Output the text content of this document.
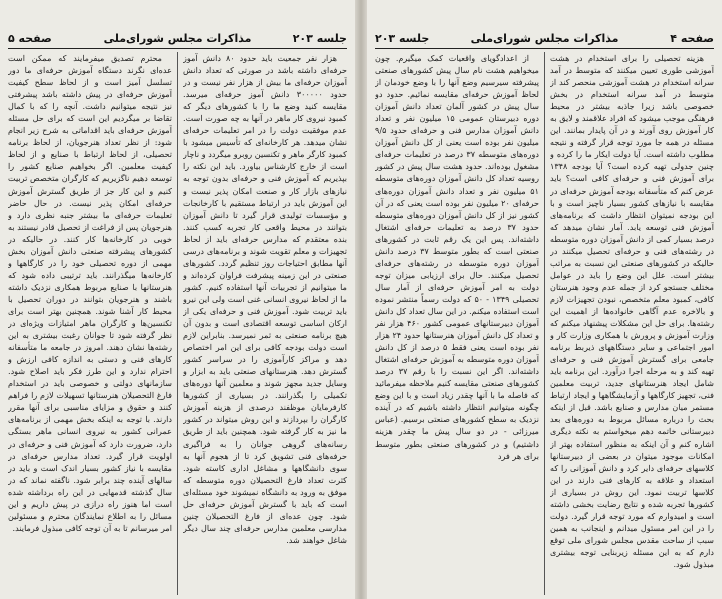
جلسه ۲۰۳
مذاکرات مجلس شورای‌ملی
صفحه ۵

هزار نفر جمعیت باید حدود ۸۰ دانش آموز حرفه‌ای داشته باشد در صورتی که تعداد دانش آموزان حرفه‌ای ما بیش از هزار نفر نیست و در حدود ۳۰۰۰۰۰ دانش آموز حرفه‌ای میرسد. مقایسه کنید وضع ما را با کشورهای دیگر که کمبود نیروی کار ماهر در آنها به چه صورت است. عدم موفقیت دولت را در امر تعلیمات حرفه‌ای نشان میدهد. هر کارخانه‌ای که تأسیس میشود با کمبود کارگر ماهر و تکنسین روبرو میگردد و ناچار است از خارج کارشناس بیاورد. باید این نکته را بپذیریم که آموزش فنی و حرفه‌ای بدون توجه به نیازهای بازار کار و صنعت امکان پذیر نیست و این آموزش باید در ارتباط مستقیم با کارخانجات و مؤسسات تولیدی قرار گیرد تا دانش آموزان بتوانند در محیط واقعی کار تجربه کسب کنند. بنده معتقدم که مدارس حرفه‌ای باید از لحاظ تجهیزات و معلم تقویت شوند و برنامه‌های درسی آنها مطابق احتیاجات روز تنظیم گردد. کشورهای صنعتی در این زمینه پیشرفت فراوان کرده‌اند و ما میتوانیم از تجربیات آنها استفاده کنیم. کشور ما از لحاظ نیروی انسانی غنی است ولی این نیرو باید تربیت شود. آموزش فنی و حرفه‌ای یکی از ارکان اساسی توسعه اقتصادی است و بدون آن هیچ برنامه صنعتی به ثمر نمیرسد. بنابراین لازم است دولت بودجه کافی برای این امر اختصاص دهد و مراکز کارآموزی را در سراسر کشور گسترش دهد. هنرستانهای صنعتی باید به ابزار و وسایل جدید مجهز شوند و معلمین آنها دوره‌های تکمیلی را بگذرانند. در بسیاری از کشورها کارفرمایان موظفند درصدی از هزینه آموزش کارگران را بپردازند و این روش میتواند در کشور ما نیز به کار گرفته شود. همچنین باید از طریق رسانه‌های گروهی جوانان را به فراگیری حرفه‌های فنی تشویق کرد تا از هجوم آنها به سوی دانشگاهها و مشاغل اداری کاسته شود. کثرت تعداد فارغ التحصیلان دوره متوسطه که موفق به ورود به دانشگاه نمیشوند خود مسئله‌ای است که باید با گسترش آموزش حرفه‌ای حل شود. چون عده‌ای از فارغ التحصیلان چنین مدارسی معلمین مدارس حرفه‌ای چند سال دیگر شاغل خواهند شد.

محترم تصدیق میفرمایند که ممکن است عده‌ای نگرند دستگاه آموزش حرفه‌ای ما دور تسلسل آمیز است و از لحاظ سطح کیفیت آموزش حرفه‌ای در پیش داشته باشد پیشرفتی نیز نتیجه میتوانیم داشت. آنچه را که با کمال تقاضا بر میگردیم این است که برای حل مسئله آموزش حرفه‌ای باید اقداماتی به شرح زیر انجام شود: از نظر تعداد هنرجویان، از لحاظ برنامه تحصیلی، از لحاظ ارتباط با صنایع و از لحاظ کیفیت معلمین. اگر بخواهیم صنایع کشور را توسعه دهیم ناگزیریم که کارگران متخصص تربیت کنیم و این کار جز از طریق گسترش آموزش حرفه‌ای امکان پذیر نیست. در حال حاضر تعلیمات حرفه‌ای ما بیشتر جنبه نظری دارد و هنرجویان پس از فراغت از تحصیل قادر نیستند به خوبی در کارخانه‌ها کار کنند. در حالیکه در کشورهای پیشرفته صنعتی دانش آموزان بخش مهمی از دوره تحصیلی خود را در کارگاهها و کارخانه‌ها میگذرانند. باید ترتیبی داده شود که هنرستانها با صنایع مربوط همکاری نزدیک داشته باشند و هنرجویان بتوانند در دوران تحصیل با محیط کار آشنا شوند. همچنین بهتر است برای تکنسین‌ها و کارگران ماهر امتیازات ویژه‌ای در نظر گرفته شود تا جوانان رغبت بیشتری به این رشته‌ها نشان دهند. امروز در جامعه ما متأسفانه کارهای فنی و دستی به اندازه کافی ارزش و احترام ندارد و این طرز فکر باید اصلاح شود. سازمانهای دولتی و خصوصی باید در استخدام فارغ التحصیلان هنرستانها تسهیلات لازم را فراهم کنند و حقوق و مزایای مناسبی برای آنها مقرر دارند. با توجه به اینکه بخش مهمی از برنامه‌های عمرانی کشور به نیروی انسانی ماهر بستگی دارد، ضرورت دارد که آموزش فنی و حرفه‌ای در اولویت قرار گیرد. تعداد مدارس حرفه‌ای در مقایسه با نیاز کشور بسیار اندک است و باید در سالهای آینده چند برابر شود. ناگفته نماند که در سال گذشته قدمهایی در این راه برداشته شده است اما هنوز راه درازی در پیش داریم و این مسائل را به اطلاع نمایندگان محترم و مسئولین امر میرسانم تا به آن توجه کافی مبذول فرمایند.

صفحه ۴
مذاکرات مجلس شورای‌ملی
جلسه ۲۰۳

هزینه تحصیلی را برای استخدام در هشت آموزشی طوری تعیین میکنند که متوسط در آمد سرانه استخدام در هشت آموزشی منحصر کند از متوسط در آمد سرانه استخدام در بخش خصوصی باشد زیرا جاذبه بیشتر در محیط فرهنگی موجب میشود که افراد علاقمند و لایق به کار آموزش روی آورند و در آن پایدار بمانند. این مسئله در همه جا مورد توجه قرار گرفته و نتیجه مطلوب داشته است. آیا دولت ایکار ما را کرده و چنین جدولی تهیه کرده است؟ آیا بودجه ۱۳۴۸ برای آموزش فنی و حرفه‌ای کافی است؟ باید عرض کنم که متأسفانه بودجه آموزش حرفه‌ای در مقایسه با نیازهای کشور بسیار ناچیز است و با این بودجه نمیتوان انتظار داشت که برنامه‌های آموزش فنی توسعه یابد. آمار نشان میدهد که درصد بسیار کمی از دانش آموزان دوره متوسطه در رشته‌های فنی و حرفه‌ای تحصیل میکنند در حالیکه در کشورهای صنعتی این نسبت به مراتب بیشتر است. علل این وضع را باید در عوامل مختلف جستجو کرد از جمله عدم وجود هنرستان کافی، کمبود معلم متخصص، نبودن تجهیزات لازم و بالاخره عدم آگاهی خانواده‌ها از اهمیت این رشته‌ها. برای حل این مشکلات پیشنهاد میکنم که وزارت آموزش و پرورش با همکاری وزارت کار و امور اجتماعی و سایر دستگاههای ذیربط برنامه جامعی برای گسترش آموزش فنی و حرفه‌ای تهیه کند و به مرحله اجرا درآورد. این برنامه باید شامل ایجاد هنرستانهای جدید، تربیت معلمین فنی، تجهیز کارگاهها و آزمایشگاهها و ایجاد ارتباط مستمر میان مدارس و صنایع باشد. قبل از اینکه بحث را درباره مسائل مربوط به دوره‌های بعد دبیرستانی خاتمه دهم میخواستم به نکته دیگری اشاره کنم و آن اینکه به منظور استفاده بهتر از امکانات موجود میتوان در بعضی از دبیرستانها کلاسهای حرفه‌ای دایر کرد و دانش آموزانی را که استعداد و علاقه به کارهای فنی دارند در این کلاسها تربیت نمود. این روش در بسیاری از کشورها تجربه شده و نتایج رضایت بخشی داشته است و امیدوارم که مورد توجه قرار گیرد. دولت را در این امر مسئول میدانم و اینجانب به همین سبب از ساحت مقدس مجلس شورای ملی توقع دارم که به این مسئله زیربنایی توجه بیشتری مبذول شود.

از اعدادگویای واقعیات کمک میگیرم. چون میخواهیم هشت نام سال پیش کشورهای صنعتی پیشرفته سیرسیم وضع آنها را با وضع خودمان از لحاظ آموزش حرفه‌ای مقایسه نمائیم. حدود دو سال پیش در کشور آلمان تعداد دانش آموزان دوره دبیرستان عمومی ۱۵ میلیون نفر و تعداد دانش آموزان مدارس فنی و حرفه‌ای حدود ۹/۵ میلیون نفر بوده است یعنی از کل دانش آموزان دوره‌های متوسطه ۳۷ درصد در تعلیمات حرفه‌ای مشغول بوده‌اند. حدود هشت سال پیش در کشور روسیه تعداد کل دانش آموزان دوره‌های متوسطه ۵۱ میلیون نفر و تعداد دانش آموزان دوره‌های حرفه‌ای ۲۰ میلیون نفر بوده است یعنی که در آن کشور نیز از کل دانش آموزان دوره‌های متوسطه حدود ۳۷ درصد به تعلیمات حرفه‌ای اشتغال داشته‌اند. پس این یک رقم ثابت در کشورهای صنعتی است که بطور متوسط ۳۷ درصد دانش آموزان دوره متوسطه در رشته‌های حرفه‌ای تحصیل میکنند. حال برای ارزیابی میزان توجه دولت به امر آموزش حرفه‌ای از آمار سال تحصیلی ۱۳۴۹ - ۵۰ که دولت رسماً منتشر نموده است استفاده میکنم. در این سال تعداد کل دانش آموزان دبیرستانهای عمومی کشور ۴۶۰ هزار نفر و تعداد کل دانش آموزان هنرستانها حدود ۲۴ هزار نفر بوده است یعنی فقط ۵ درصد از کل دانش آموزان دوره متوسطه به آموزش حرفه‌ای اشتغال داشته‌اند. اگر این نسبت را با رقم ۳۷ درصد کشورهای صنعتی مقایسه کنیم ملاحظه میفرمائید که فاصله ما با آنها چقدر زیاد است و با این وضع چگونه میتوانیم انتظار داشته باشیم که در آینده نزدیک به سطح کشورهای صنعتی برسیم. (عباس میرزائی - در دو سال پیش ما چقدر هزینه داشتیم) و در کشورهای صنعتی بطور متوسط برای هر فرد
